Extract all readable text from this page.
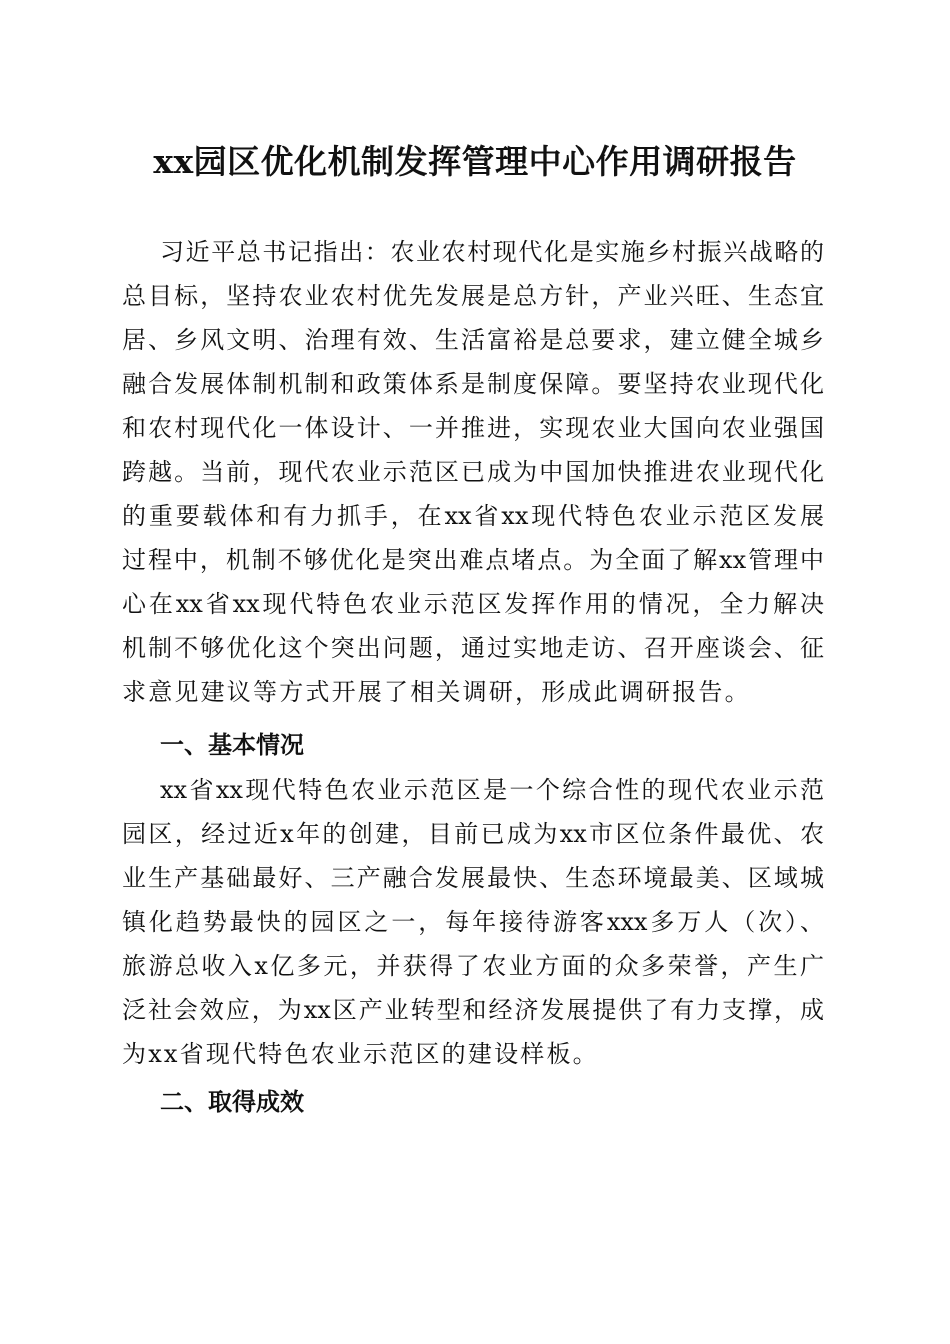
xx园区优化机制发挥管理中心作用调研报告
习近平总书记指出：农业农村现代化是实施乡村振兴战略的
总目标，坚持农业农村优先发展是总方针，产业兴旺、生态宜
居、乡风文明、治理有效、生活富裕是总要求，建立健全城乡
融合发展体制机制和政策体系是制度保障。要坚持农业现代化
和农村现代化一体设计、一并推进，实现农业大国向农业强国
跨越。当前，现代农业示范区已成为中国加快推进农业现代化
的重要载体和有力抓手，在xx省xx现代特色农业示范区发展
过程中，机制不够优化是突出难点堵点。为全面了解xx管理中
心在xx省xx现代特色农业示范区发挥作用的情况，全力解决
机制不够优化这个突出问题，通过实地走访、召开座谈会、征
求意见建议等方式开展了相关调研，形成此调研报告。
一、基本情况
xx省xx现代特色农业示范区是一个综合性的现代农业示范
园区，经过近x年的创建，目前已成为xx市区位条件最优、农
业生产基础最好、三产融合发展最快、生态环境最美、区域城
镇化趋势最快的园区之一，每年接待游客xxx多万人（次）、
旅游总收入x亿多元，并获得了农业方面的众多荣誉，产生广
泛社会效应，为xx区产业转型和经济发展提供了有力支撑，成
为xx省现代特色农业示范区的建设样板。
二、取得成效
